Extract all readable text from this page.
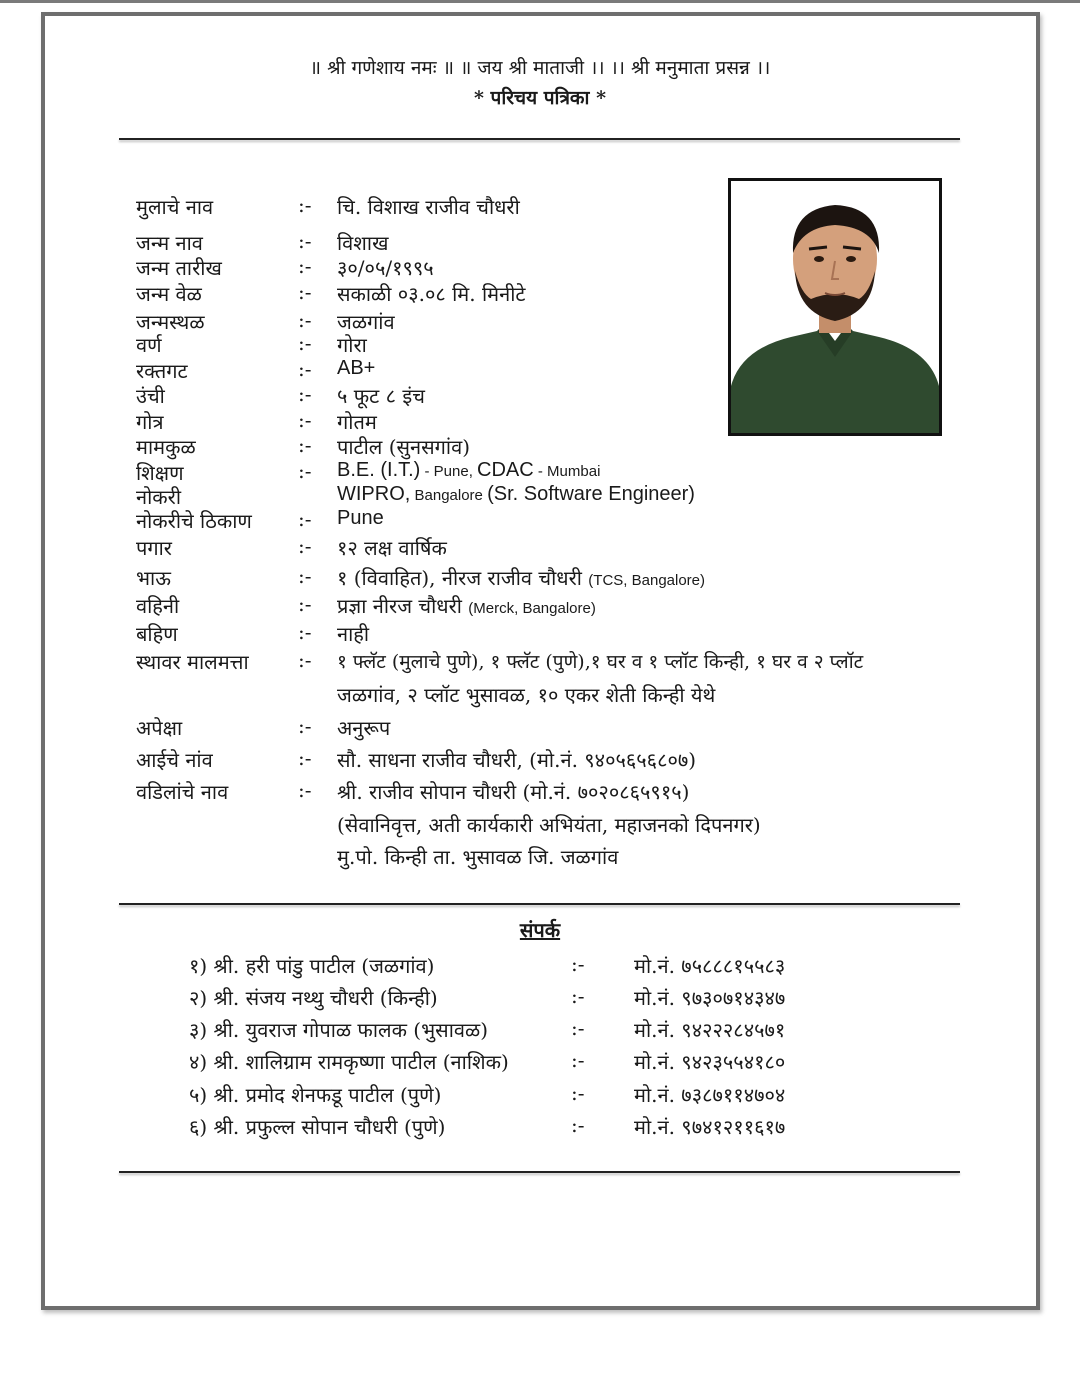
॥ श्री गणेशाय नमः ॥ ॥ जय श्री माताजी ।। ।। श्री मनुमाता प्रसन्न ।।
* परिचय पत्रिका *
मुलाचे नाव	:- चि. विशाख राजीव चौधरी
जन्म नाव	:- विशाख
जन्म तारीख	:- ३०/०५/१९९५
जन्म वेळ	:- सकाळी ०३.०८ मि. मिनीटे
जन्मस्थळ	:- जळगांव
वर्ण	:- गोरा
रक्तगट	:- AB+
उंची	:- ५ फूट ८ इंच
गोत्र	:- गोतम
मामकुळ	:- पाटील (सुनसगांव)
शिक्षण	:- B.E. (I.T.) - Pune, CDAC - Mumbai
नोकरी	WIPRO, Bangalore (Sr. Software Engineer)
नोकरीचे ठिकाण :- Pune
पगार	:- १२ लक्ष वार्षिक
भाऊ	:- १ (विवाहित), नीरज राजीव चौधरी (TCS, Bangalore)
वहिनी	:- प्रज्ञा नीरज चौधरी (Merck, Bangalore)
बहिण	:- नाही
स्थावर मालमत्ता :- १ फ्लॅट (मुलाचे पुणे), १ फ्लॅट (पुणे),१ घर व १ प्लॉट किन्ही, १ घर व २ प्लॉट
जळगांव, २ प्लॉट भुसावळ, १० एकर शेती किन्ही येथे
अपेक्षा	:- अनुरूप
आईचे नांव	:- सौ. साधना राजीव चौधरी, (मो.नं. ९४०५६५६८०७)
वडिलांचे नाव	:- श्री. राजीव सोपान चौधरी (मो.नं. ७०२०८६५९१५)
(सेवानिवृत्त, अती कार्यकारी अभियंता, महाजनको दिपनगर)
मु.पो. किन्ही ता. भुसावळ जि. जळगांव
संपर्क
१) श्री. हरी पांडु पाटील (जळगांव)	:- मो.नं. ७५८८८१५५८३
२) श्री. संजय नथ्थु चौधरी (किन्ही)	:- मो.नं. ९७३०७१४३४७
३) श्री. युवराज गोपाळ फालक (भुसावळ)	:- मो.नं. ९४२२२८४५७१
४) श्री. शालिग्राम रामकृष्णा पाटील (नाशिक)	:- मो.नं. ९४२३५५४१८०
५) श्री. प्रमोद शेनफडू पाटील (पुणे)	:- मो.नं. ७३८७११४७०४
६) श्री. प्रफुल्ल सोपान चौधरी (पुणे)	:- मो.नं. ९७४१२११६१७
